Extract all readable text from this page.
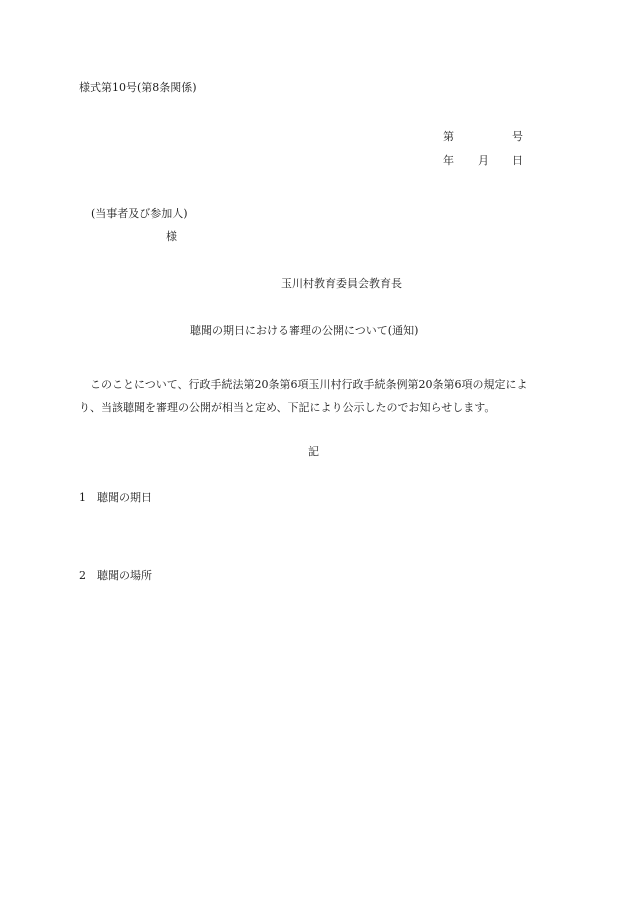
様式第10号(第8条関係)
第	号
年 月 日
(当事者及び参加人)
様
玉川村教育委員会教育長
聴聞の期日における審理の公開について(通知)
このことについて、行政手続法第20条第6項玉川村行政手続条例第20条第6項の規定により、当該聴聞を審理の公開が相当と定め、下記により公示したのでお知らせします。
記
1 聴聞の期日
2 聴聞の場所
